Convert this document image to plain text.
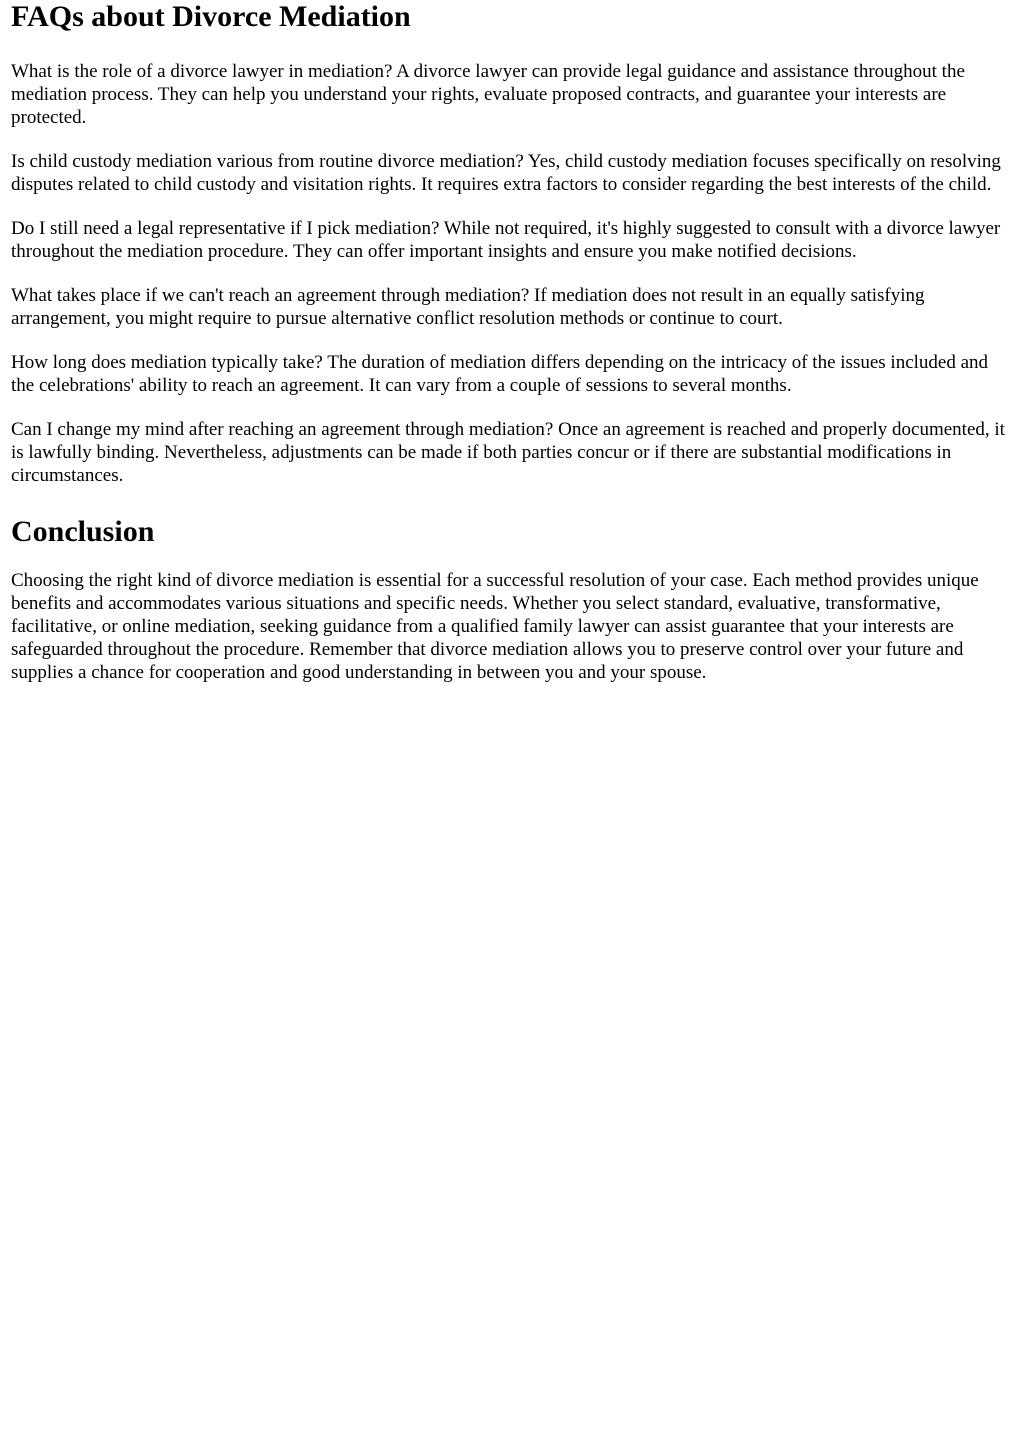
FAQs about Divorce Mediation

What is the role of a divorce lawyer in mediation? A divorce lawyer can provide legal guidance and assistance throughout the mediation process. They can help you understand your rights, evaluate proposed contracts, and guarantee your interests are protected.

Is child custody mediation various from routine divorce mediation? Yes, child custody mediation focuses specifically on resolving disputes related to child custody and visitation rights. It requires extra factors to consider regarding the best interests of the child.

Do I still need a legal representative if I pick mediation? While not required, it's highly suggested to consult with a divorce lawyer throughout the mediation procedure. They can offer important insights and ensure you make notified decisions.

What takes place if we can't reach an agreement through mediation? If mediation does not result in an equally satisfying arrangement, you might require to pursue alternative conflict resolution methods or continue to court.

How long does mediation typically take? The duration of mediation differs depending on the intricacy of the issues included and the celebrations' ability to reach an agreement. It can vary from a couple of sessions to several months.

Can I change my mind after reaching an agreement through mediation? Once an agreement is reached and properly documented, it is lawfully binding. Nevertheless, adjustments can be made if both parties concur or if there are substantial modifications in circumstances.

Conclusion

Choosing the right kind of divorce mediation is essential for a successful resolution of your case. Each method provides unique benefits and accommodates various situations and specific needs. Whether you select standard, evaluative, transformative, facilitative, or online mediation, seeking guidance from a qualified family lawyer can assist guarantee that your interests are safeguarded throughout the procedure. Remember that divorce mediation allows you to preserve control over your future and supplies a chance for cooperation and good understanding in between you and your spouse.
